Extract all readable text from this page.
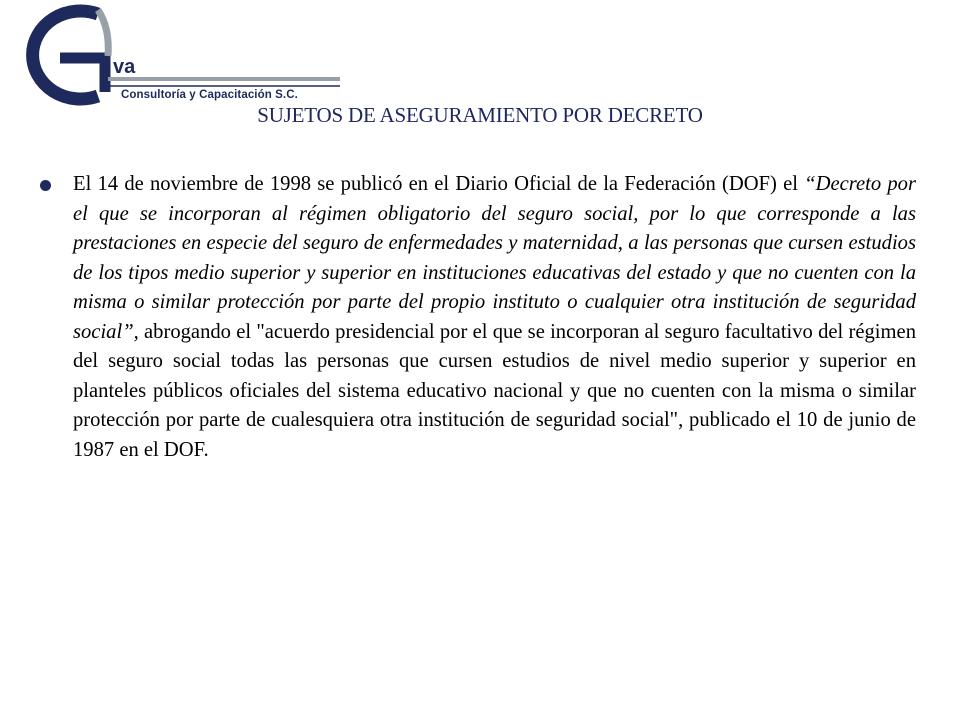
va
Consultoría y Capacitación S.C.
SUJETOS DE ASEGURAMIENTO POR DECRETO

El 14 de noviembre de 1998 se publicó en el Diario Oficial de la Federación (DOF) el “Decreto por el que se incorporan al régimen obligatorio del seguro social, por lo que corresponde a las prestaciones en especie del seguro de enfermedades y maternidad, a las personas que cursen estudios de los tipos medio superior y superior en instituciones educativas del estado y que no cuenten con la misma o similar protección por parte del propio instituto o cualquier otra institución de seguridad social”, abrogando el "acuerdo presidencial por el que se incorporan al seguro facultativo del régimen del seguro social todas las personas que cursen estudios de nivel medio superior y superior en planteles públicos oficiales del sistema educativo nacional y que no cuenten con la misma o similar protección por parte de cualesquiera otra institución de seguridad social", publicado el 10 de junio de 1987 en el DOF.
